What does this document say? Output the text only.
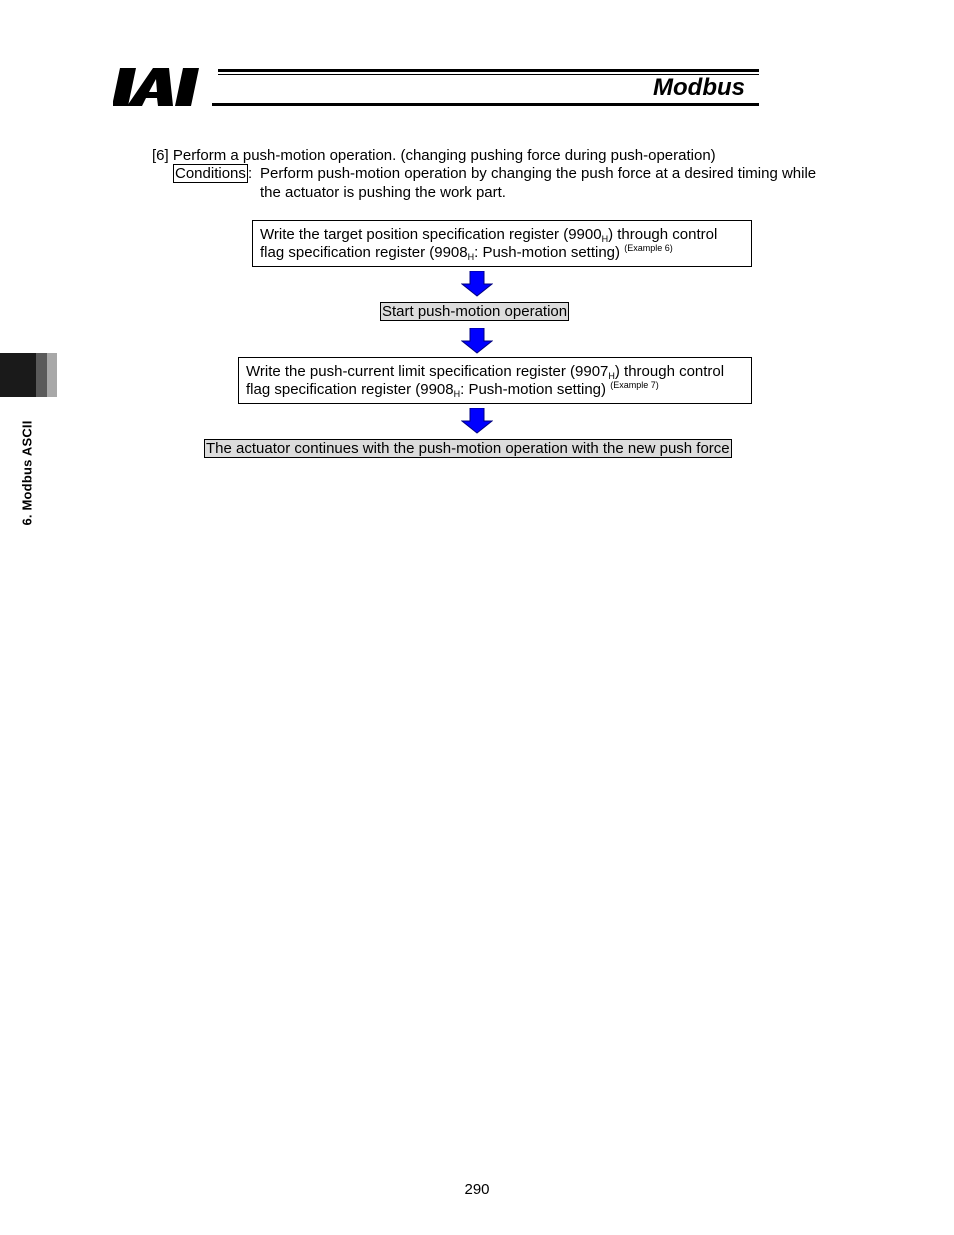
Modbus
6. Modbus ASCII
[6] Perform a push-motion operation. (changing pushing force during push-operation)
Conditions : Perform push-motion operation by changing the push force at a desired timing while
the actuator is pushing the work part.
Write the target position specification register $(9900_H)$ through control
flag specification register ($9908_H$: Push-motion setting) $^{(Example 6)}$
Start push-motion operation
Write the push-current limit specification register $(9907_H)$ through control
flag specification register ($9908_H$: Push-motion setting) $^{(Example 7)}$
The actuator continues with the push-motion operation with the new push force
290
